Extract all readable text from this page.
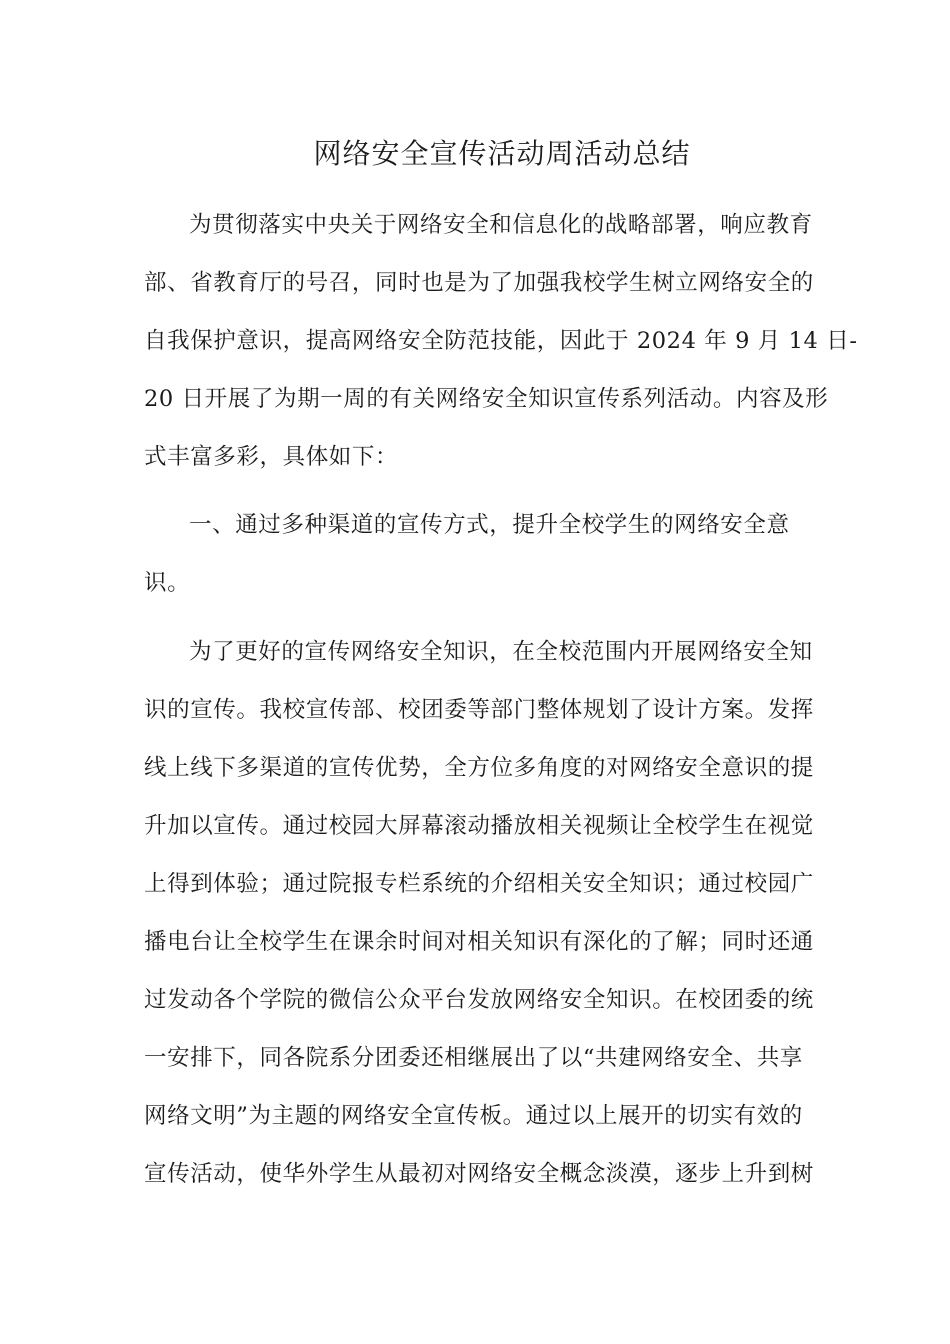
网络安全宣传活动周活动总结

为贯彻落实中央关于网络安全和信息化的战略部署，响应教育
部、省教育厅的号召，同时也是为了加强我校学生树立网络安全的
自我保护意识，提高网络安全防范技能，因此于 2024 年 9 月 14 日-
20 日开展了为期一周的有关网络安全知识宣传系列活动。内容及形
式丰富多彩，具体如下：

一、通过多种渠道的宣传方式，提升全校学生的网络安全意
识。

为了更好的宣传网络安全知识，在全校范围内开展网络安全知
识的宣传。我校宣传部、校团委等部门整体规划了设计方案。发挥
线上线下多渠道的宣传优势，全方位多角度的对网络安全意识的提
升加以宣传。通过校园大屏幕滚动播放相关视频让全校学生在视觉
上得到体验；通过院报专栏系统的介绍相关安全知识；通过校园广
播电台让全校学生在课余时间对相关知识有深化的了解；同时还通
过发动各个学院的微信公众平台发放网络安全知识。在校团委的统
一安排下，同各院系分团委还相继展出了以“共建网络安全、共享
网络文明”为主题的网络安全宣传板。通过以上展开的切实有效的
宣传活动，使华外学生从最初对网络安全概念淡漠，逐步上升到树
